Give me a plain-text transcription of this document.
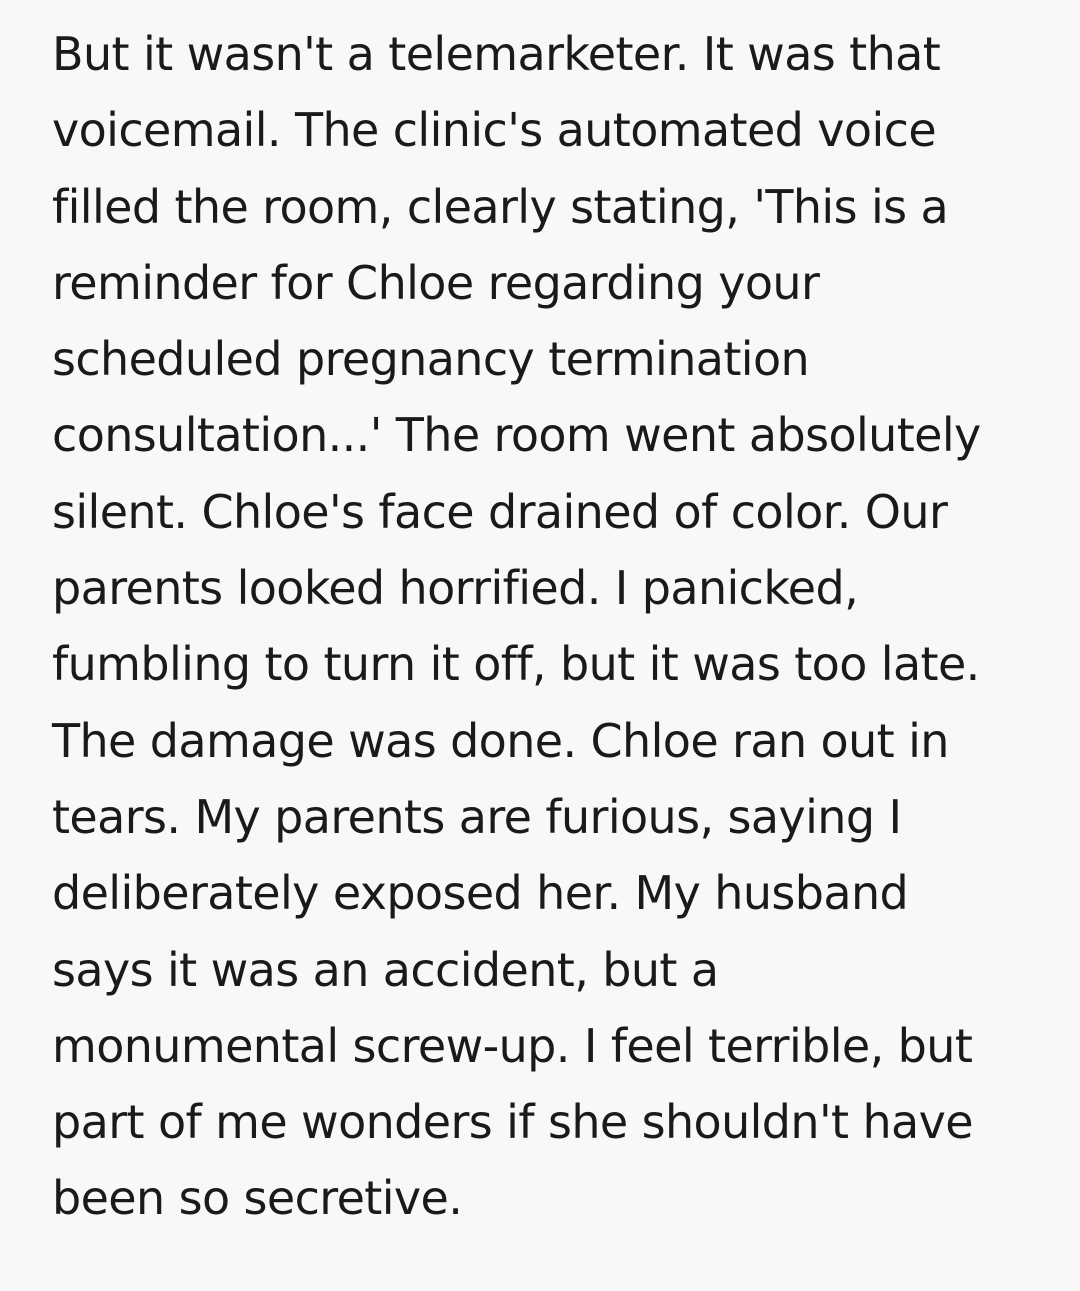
But it wasn't a telemarketer. It was that
voicemail. The clinic's automated voice
filled the room, clearly stating, 'This is a
reminder for Chloe regarding your
scheduled pregnancy termination
consultation...' The room went absolutely
silent. Chloe's face drained of color. Our
parents looked horrified. I panicked,
fumbling to turn it off, but it was too late.
The damage was done. Chloe ran out in
tears. My parents are furious, saying I
deliberately exposed her. My husband
says it was an accident, but a
monumental screw-up. I feel terrible, but
part of me wonders if she shouldn't have
been so secretive.
